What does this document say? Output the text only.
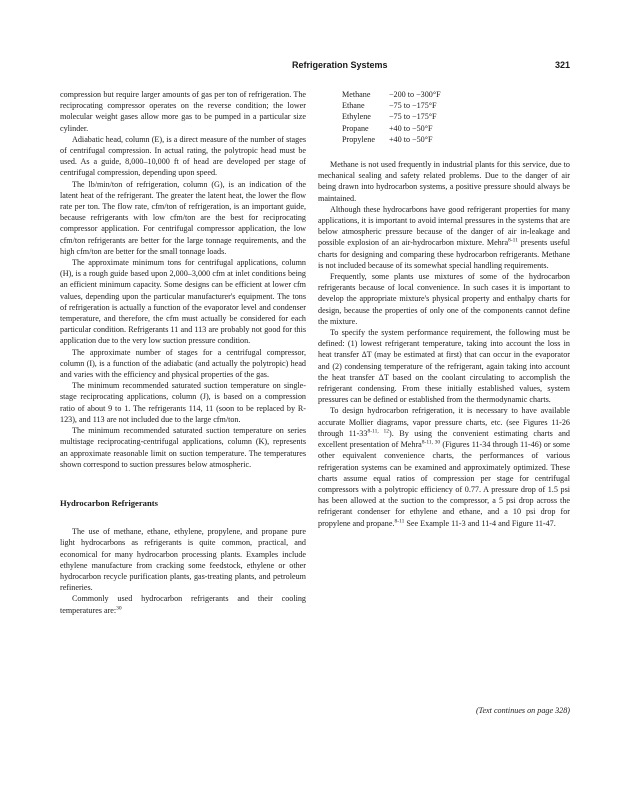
Refrigeration Systems	321

compression but require larger amounts of gas per ton of refrigeration. The reciprocating compressor operates on the reverse condition; the lower molecular weight gases allow more gas to be pumped in a particular size cylinder.

Adiabatic head, column (E), is a direct measure of the number of stages of centrifugal compression. In actual rating, the polytropic head must be used. As a guide, 8,000–10,000 ft of head are developed per stage of centrifugal compression, depending upon speed.

The lb/min/ton of refrigeration, column (G), is an indication of the latent heat of the refrigerant. The greater the latent heat, the lower the flow rate per ton. The flow rate, cfm/ton of refrigeration, is an important guide, because refrigerants with low cfm/ton are the best for reciprocating compressor application. For centrifugal compressor application, the low cfm/ton refrigerants are better for the large tonnage requirements, and the high cfm/ton are better for the small tonnage loads.

The approximate minimum tons for centrifugal applications, column (H), is a rough guide based upon 2,000–3,000 cfm at inlet conditions being an efficient minimum capacity. Some designs can be efficient at lower cfm values, depending upon the particular manufacturer's equipment. The tons of refrigeration is actually a function of the evaporator level and condenser temperature, and therefore, the cfm must actually be considered for each particular condition. Refrigerants 11 and 113 are probably not good for this application due to the very low suction pressure condition.

The approximate number of stages for a centrifugal compressor, column (I), is a function of the adiabatic (and actually the polytropic) head and varies with the efficiency and physical properties of the gas.

The minimum recommended saturated suction temperature on single-stage reciprocating applications, column (J), is based on a compression ratio of about 9 to 1. The refrigerants 114, 11 (soon to be replaced by R-123), and 113 are not included due to the large cfm/ton.

The minimum recommended saturated suction temperature on series multistage reciprocating-centrifugal applications, column (K), represents an approximate reasonable limit on suction temperature. The temperatures shown correspond to suction pressures below atmospheric.

Hydrocarbon Refrigerants

The use of methane, ethane, ethylene, propylene, and propane pure light hydrocarbons as refrigerants is quite common, practical, and economical for many hydrocarbon processing plants. Examples include ethylene manufacture from cracking some feedstock, ethylene or other hydrocarbon recycle purification plants, gas-treating plants, and petroleum refineries.

Commonly used hydrocarbon refrigerants and their cooling temperatures are:$^{30}$

Methane	−200 to −300°F
Ethane	−75 to −175°F
Ethylene	−75 to −175°F
Propane	+40 to −50°F
Propylene	+40 to −50°F

Methane is not used frequently in industrial plants for this service, due to mechanical sealing and safety related problems. Due to the danger of air being drawn into hydrocarbon systems, a positive pressure should always be maintained.

Although these hydrocarbons have good refrigerant properties for many applications, it is important to avoid internal pressures in the systems that are below atmospheric pressure because of the danger of air in-leakage and possible explosion of an air-hydrocarbon mixture. Mehra$^{8-11}$ presents useful charts for designing and comparing these hydrocarbon refrigerants. Methane is not included because of its somewhat special handling requirements.

Frequently, some plants use mixtures of some of the hydrocarbon refrigerants because of local convenience. In such cases it is important to develop the appropriate mixture's physical property and enthalpy charts for design, because the properties of only one of the components cannot define the mixture.

To specify the system performance requirement, the following must be defined: (1) lowest refrigerant temperature, taking into account the loss in heat transfer ΔT (may be estimated at first) that can occur in the evaporator and (2) condensing temperature of the refrigerant, again taking into account the heat transfer ΔT based on the coolant circulating to accomplish the refrigerant condensing. From these initially established values, system pressures can be defined or established from the thermodynamic charts.

To design hydrocarbon refrigeration, it is necessary to have available accurate Mollier diagrams, vapor pressure charts, etc. (see Figures 11-26 through 11-33$^{8-11, 12}$). By using the convenient estimating charts and excellent presentation of Mehra$^{8-11, 30}$ (Figures 11-34 through 11-46) or some other equivalent convenience charts, the performances of various refrigeration systems can be examined and approximately optimized. These charts assume equal ratios of compression per stage for centrifugal compressors with a polytropic efficiency of 0.77. A pressure drop of 1.5 psi has been allowed at the suction to the compressor, a 5 psi drop across the refrigerant condenser for ethylene and ethane, and a 10 psi drop for propylene and propane.$^{8-11}$ See Example 11-3 and 11-4 and Figure 11-47.

(Text continues on page 328)
